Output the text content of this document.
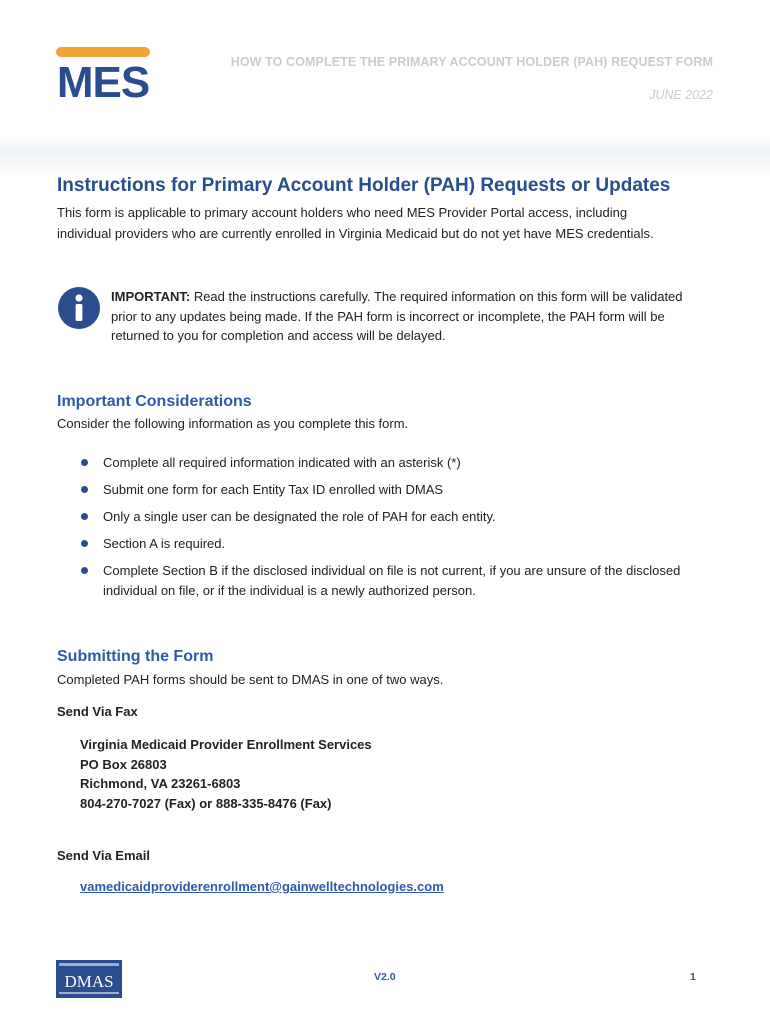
MES	HOW TO COMPLETE THE PRIMARY ACCOUNT HOLDER (PAH) REQUEST FORM
JUNE 2022
Instructions for Primary Account Holder (PAH) Requests or Updates
This form is applicable to primary account holders who need MES Provider Portal access, including
individual providers who are currently enrolled in Virginia Medicaid but do not yet have MES credentials.

IMPORTANT: Read the instructions carefully. The required information on this form will be validated prior to any updates being made. If the PAH form is incorrect or incomplete, the PAH form will be returned to you for completion and access will be delayed.

Important Considerations

Consider the following information as you complete this form.

Complete all required information indicated with an asterisk (*)
Submit one form for each Entity Tax ID enrolled with DMAS
Only a single user can be designated the role of PAH for each entity.
Section A is required.
Complete Section B if the disclosed individual on file is not current, if you are unsure of the disclosed individual on file, or if the individual is a newly authorized person.
Submitting the Form

Completed PAH forms should be sent to DMAS in one of two ways.

Send Via Fax

Virginia Medicaid Provider Enrollment Services
PO Box 26803
Richmond, VA 23261-6803
804-270-7027 (Fax) or 888-335-8476 (Fax)

Send Via Email

vamedicaidproviderenrollment@gainwelltechnologies.com
DMAS	V2.0	1
